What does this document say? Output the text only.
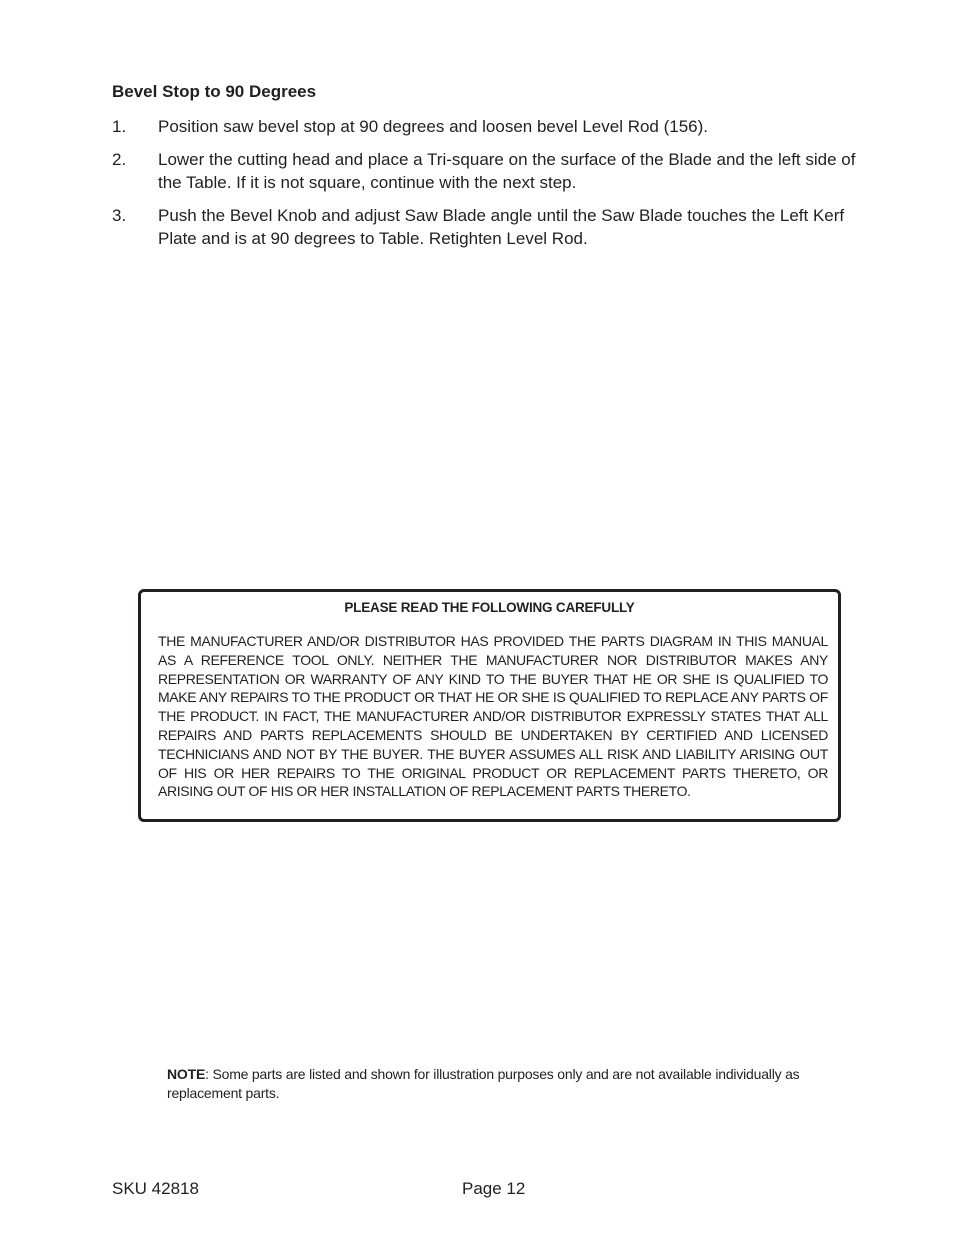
Bevel Stop to 90 Degrees
1. Position saw bevel stop at 90 degrees and loosen bevel Level Rod (156).
2. Lower the cutting head and place a Tri-square on the surface of the Blade and the left side of the Table. If it is not square, continue with the next step.
3. Push the Bevel Knob and adjust Saw Blade angle until the Saw Blade touches the Left Kerf Plate and is at 90 degrees to Table. Retighten Level Rod.
PLEASE READ THE FOLLOWING CAREFULLY
THE MANUFACTURER AND/OR DISTRIBUTOR HAS PROVIDED THE PARTS DIAGRAM IN THIS MANUAL AS A REFERENCE TOOL ONLY. NEITHER THE MANUFACTURER NOR DISTRIBUTOR MAKES ANY REPRESENTATION OR WARRANTY OF ANY KIND TO THE BUYER THAT HE OR SHE IS QUALIFIED TO MAKE ANY REPAIRS TO THE PRODUCT OR THAT HE OR SHE IS QUALIFIED TO REPLACE ANY PARTS OF THE PRODUCT. IN FACT, THE MANUFACTURER AND/OR DISTRIBUTOR EXPRESSLY STATES THAT ALL REPAIRS AND PARTS REPLACEMENTS SHOULD BE UNDERTAKEN BY CERTIFIED AND LICENSED TECHNICIANS AND NOT BY THE BUYER. THE BUYER ASSUMES ALL RISK AND LIABILITY ARISING OUT OF HIS OR HER REPAIRS TO THE ORIGINAL PRODUCT OR REPLACEMENT PARTS THERETO, OR ARISING OUT OF HIS OR HER INSTALLATION OF REPLACEMENT PARTS THERETO.
NOTE: Some parts are listed and shown for illustration purposes only and are not available individually as replacement parts.
SKU 42818	Page 12
